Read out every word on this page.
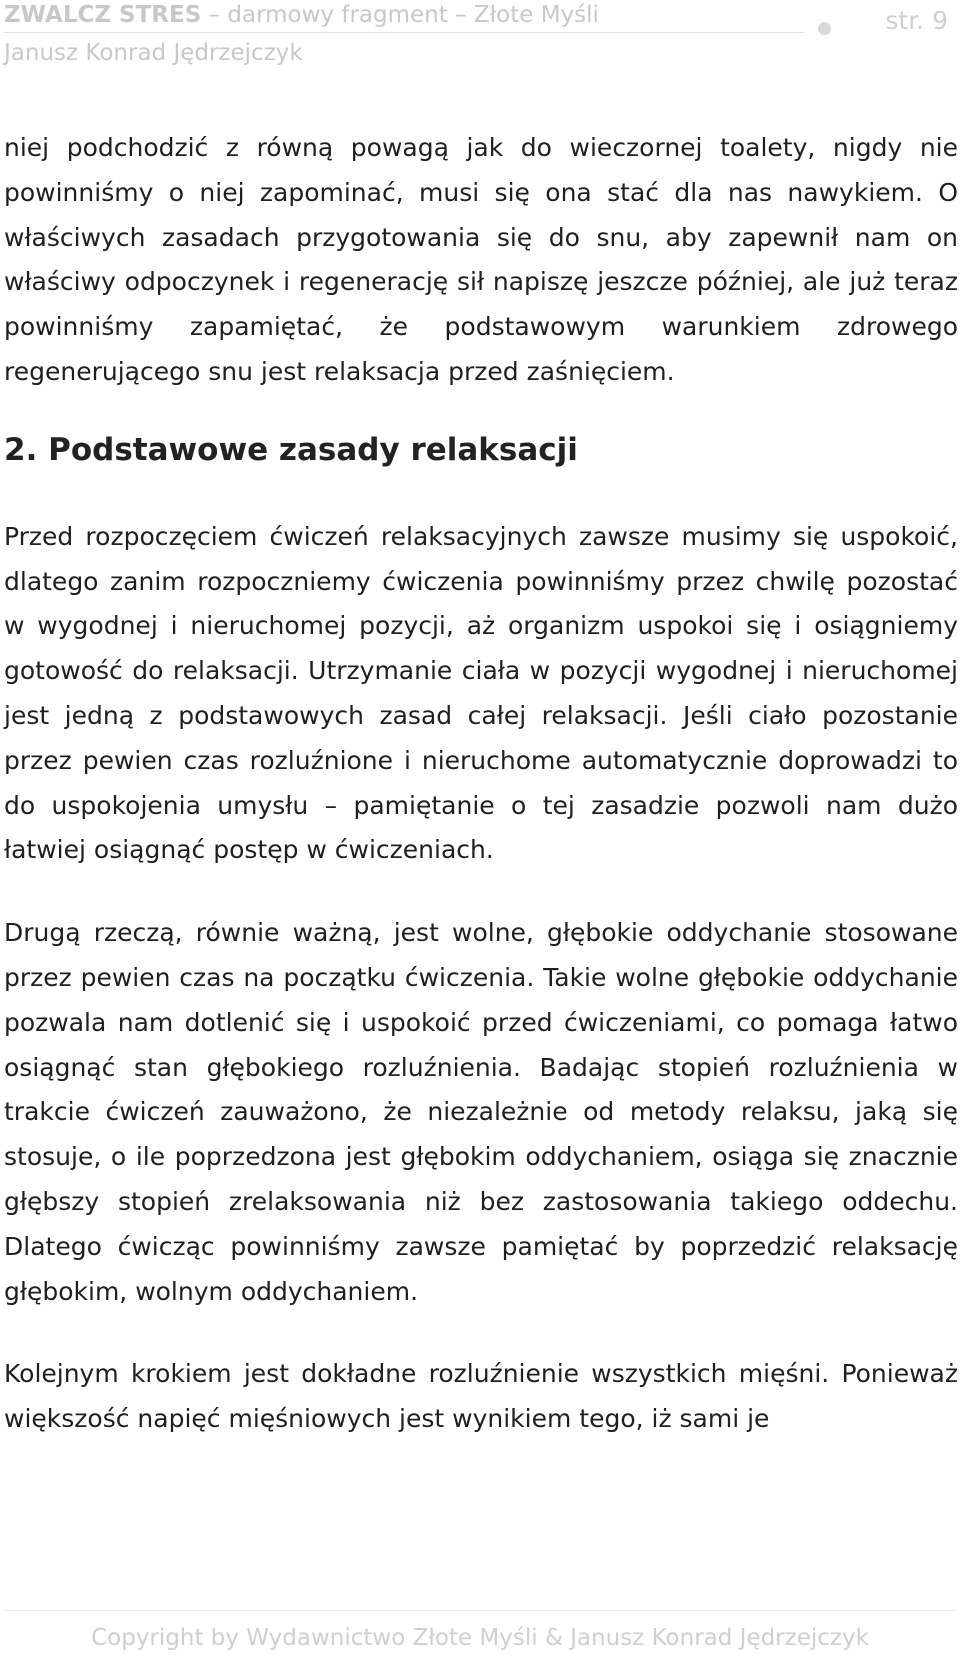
ZWALCZ STRES – darmowy fragment – Złote Myśli	str. 9
Janusz Konrad Jędrzejczyk

niej podchodzić z równą powagą jak do wieczornej toalety, nigdy nie powinniśmy o niej zapominać, musi się ona stać dla nas nawykiem. O właściwych zasadach przygotowania się do snu, aby zapewnił nam on właściwy odpoczynek i regenerację sił napiszę jeszcze później, ale już teraz powinniśmy zapamiętać, że podstawowym warunkiem zdrowego regenerującego snu jest relaksacja przed zaśnięciem.

2. Podstawowe zasady relaksacji

Przed rozpoczęciem ćwiczeń relaksacyjnych zawsze musimy się uspokoić, dlatego zanim rozpoczniemy ćwiczenia powinniśmy przez chwilę pozostać w wygodnej i nieruchomej pozycji, aż organizm uspokoi się i osiągniemy gotowość do relaksacji. Utrzymanie ciała w pozycji wygodnej i nieruchomej jest jedną z podstawowych zasad całej relaksacji. Jeśli ciało pozostanie przez pewien czas rozluźnione i nieruchome automatycznie doprowadzi to do uspokojenia umysłu – pamiętanie o tej zasadzie pozwoli nam dużo łatwiej osiągnąć postęp w ćwiczeniach.

Drugą rzeczą, równie ważną, jest wolne, głębokie oddychanie stosowane przez pewien czas na początku ćwiczenia. Takie wolne głębokie oddychanie pozwala nam dotlenić się i uspokoić przed ćwiczeniami, co pomaga łatwo osiągnąć stan głębokiego rozluźnienia. Badając stopień rozluźnienia w trakcie ćwiczeń zauważono, że niezależnie od metody relaksu, jaką się stosuje, o ile poprzedzona jest głębokim oddychaniem, osiąga się znacznie głębszy stopień zrelaksowania niż bez zastosowania takiego oddechu. Dlatego ćwicząc powinniśmy zawsze pamiętać by poprzedzić relaksację głębokim, wolnym oddychaniem.

Kolejnym krokiem jest dokładne rozluźnienie wszystkich mięśni. Ponieważ większość napięć mięśniowych jest wynikiem tego, iż sami je

Copyright by Wydawnictwo Złote Myśli & Janusz Konrad Jędrzejczyk
